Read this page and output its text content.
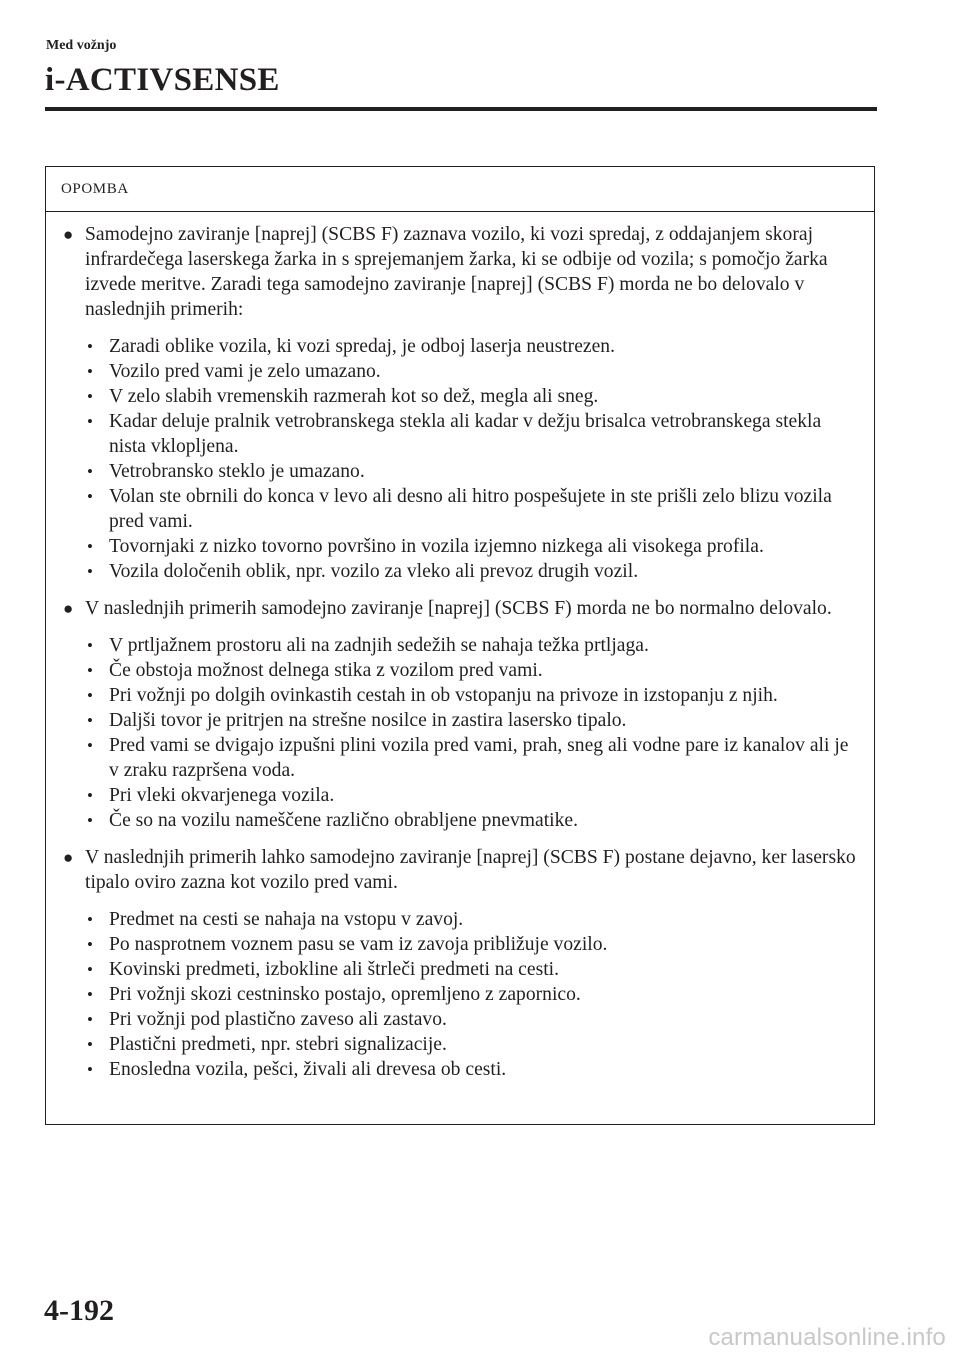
Med vožnjo
i-ACTIVSENSE
OPOMBA
● Samodejno zaviranje [naprej] (SCBS F) zaznava vozilo, ki vozi spredaj, z oddajanjem skoraj infrardečega laserskega žarka in s sprejemanjem žarka, ki se odbije od vozila; s pomočjo žarka izvede meritve. Zaradi tega samodejno zaviranje [naprej] (SCBS F) morda ne bo delovalo v naslednjih primerih:

• Zaradi oblike vozila, ki vozi spredaj, je odboj laserja neustrezen.
• Vozilo pred vami je zelo umazano.
• V zelo slabih vremenskih razmerah kot so dež, megla ali sneg.
• Kadar deluje pralnik vetrobranskega stekla ali kadar v dežju brisalca vetrobranskega stekla nista vklopljena.
• Vetrobransko steklo je umazano.
• Volan ste obrnili do konca v levo ali desno ali hitro pospešujete in ste prišli zelo blizu vozila pred vami.
• Tovornjaki z nizko tovorno površino in vozila izjemno nizkega ali visokega profila.
• Vozila določenih oblik, npr. vozilo za vleko ali prevoz drugih vozil.
● V naslednjih primerih samodejno zaviranje [naprej] (SCBS F) morda ne bo normalno delovalo.

• V prtljažnem prostoru ali na zadnjih sedežih se nahaja težka prtljaga.
• Če obstoja možnost delnega stika z vozilom pred vami.
• Pri vožnji po dolgih ovinkastih cestah in ob vstopanju na privoze in izstopanju z njih.
• Daljši tovor je pritrjen na strešne nosilce in zastira lasersko tipalo.
• Pred vami se dvigajo izpušni plini vozila pred vami, prah, sneg ali vodne pare iz kanalov ali je v zraku razpršena voda.
• Pri vleki okvarjenega vozila.
• Če so na vozilu nameščene različno obrabljene pnevmatike.
● V naslednjih primerih lahko samodejno zaviranje [naprej] (SCBS F) postane dejavno, ker lasersko tipalo oviro zazna kot vozilo pred vami.

• Predmet na cesti se nahaja na vstopu v zavoj.
• Po nasprotnem voznem pasu se vam iz zavoja približuje vozilo.
• Kovinski predmeti, izbokline ali štrleči predmeti na cesti.
• Pri vožnji skozi cestninsko postajo, opremljeno z zapornico.
• Pri vožnji pod plastično zaveso ali zastavo.
• Plastični predmeti, npr. stebri signalizacije.
• Enosledna vozila, pešci, živali ali drevesa ob cesti.
4-192
carmanualsonline.info
